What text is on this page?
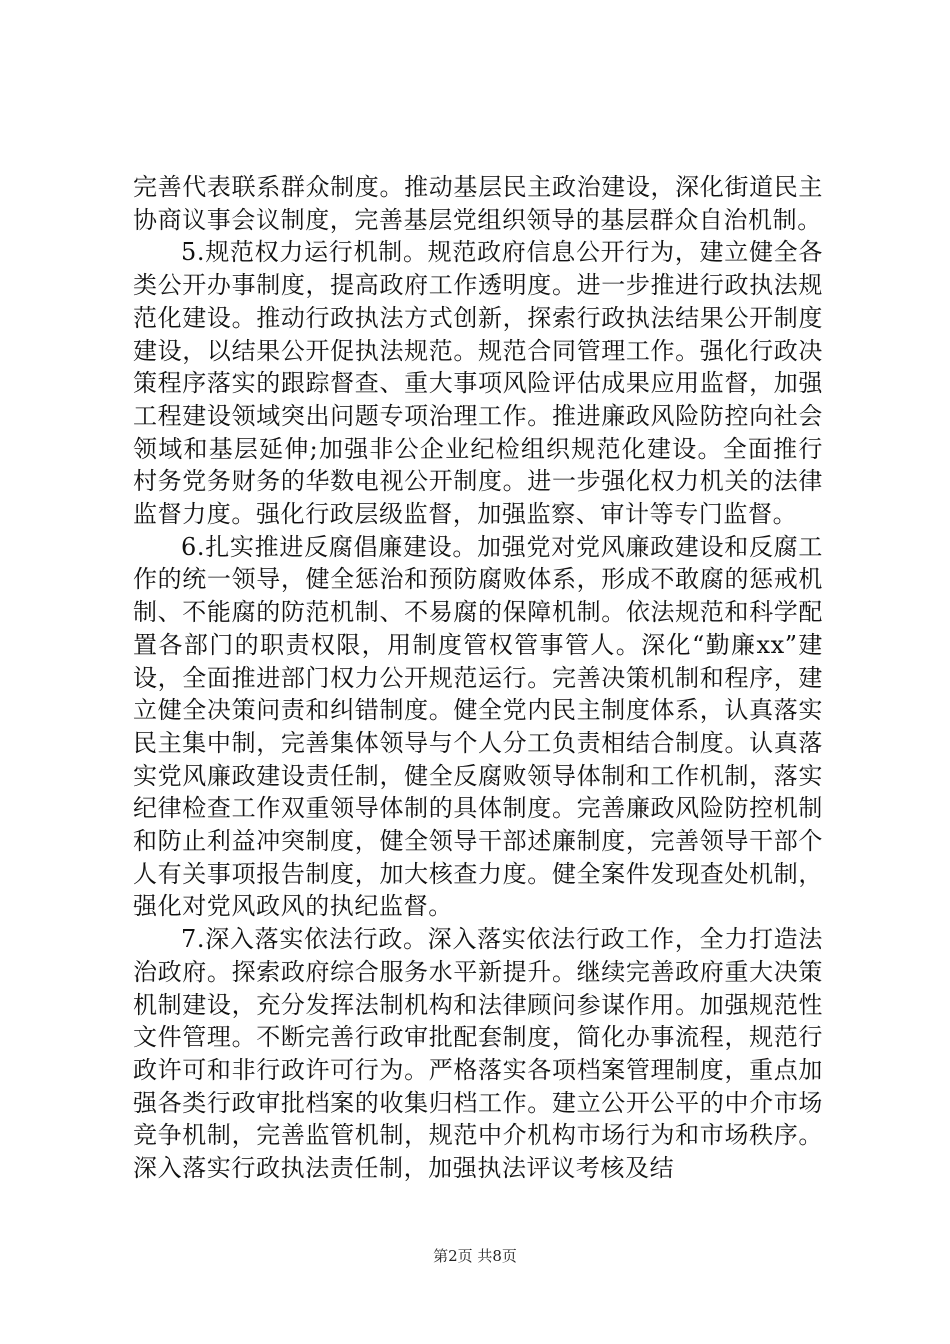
完善代表联系群众制度。推动基层民主政治建设，深化街道民主协商议事会议制度，完善基层党组织领导的基层群众自治机制。

5.规范权力运行机制。规范政府信息公开行为，建立健全各类公开办事制度，提高政府工作透明度。进一步推进行政执法规范化建设。推动行政执法方式创新，探索行政执法结果公开制度建设，以结果公开促执法规范。规范合同管理工作。强化行政决策程序落实的跟踪督查、重大事项风险评估成果应用监督，加强工程建设领域突出问题专项治理工作。推进廉政风险防控向社会领域和基层延伸;加强非公企业纪检组织规范化建设。全面推行村务党务财务的华数电视公开制度。进一步强化权力机关的法律监督力度。强化行政层级监督，加强监察、审计等专门监督。

6.扎实推进反腐倡廉建设。加强党对党风廉政建设和反腐工作的统一领导，健全惩治和预防腐败体系，形成不敢腐的惩戒机制、不能腐的防范机制、不易腐的保障机制。依法规范和科学配置各部门的职责权限，用制度管权管事管人。深化“勤廉xx”建设，全面推进部门权力公开规范运行。完善决策机制和程序，建立健全决策问责和纠错制度。健全党内民主制度体系，认真落实民主集中制，完善集体领导与个人分工负责相结合制度。认真落实党风廉政建设责任制，健全反腐败领导体制和工作机制，落实纪律检查工作双重领导体制的具体制度。完善廉政风险防控机制和防止利益冲突制度，健全领导干部述廉制度，完善领导干部个人有关事项报告制度，加大核查力度。健全案件发现查处机制，强化对党风政风的执纪监督。

7.深入落实依法行政。深入落实依法行政工作，全力打造法治政府。探索政府综合服务水平新提升。继续完善政府重大决策机制建设，充分发挥法制机构和法律顾问参谋作用。加强规范性文件管理。不断完善行政审批配套制度，简化办事流程，规范行政许可和非行政许可行为。严格落实各项档案管理制度，重点加强各类行政审批档案的收集归档工作。建立公开公平的中介市场竞争机制，完善监管机制，规范中介机构市场行为和市场秩序。深入落实行政执法责任制，加强执法评议考核及结

第2页 共8页
